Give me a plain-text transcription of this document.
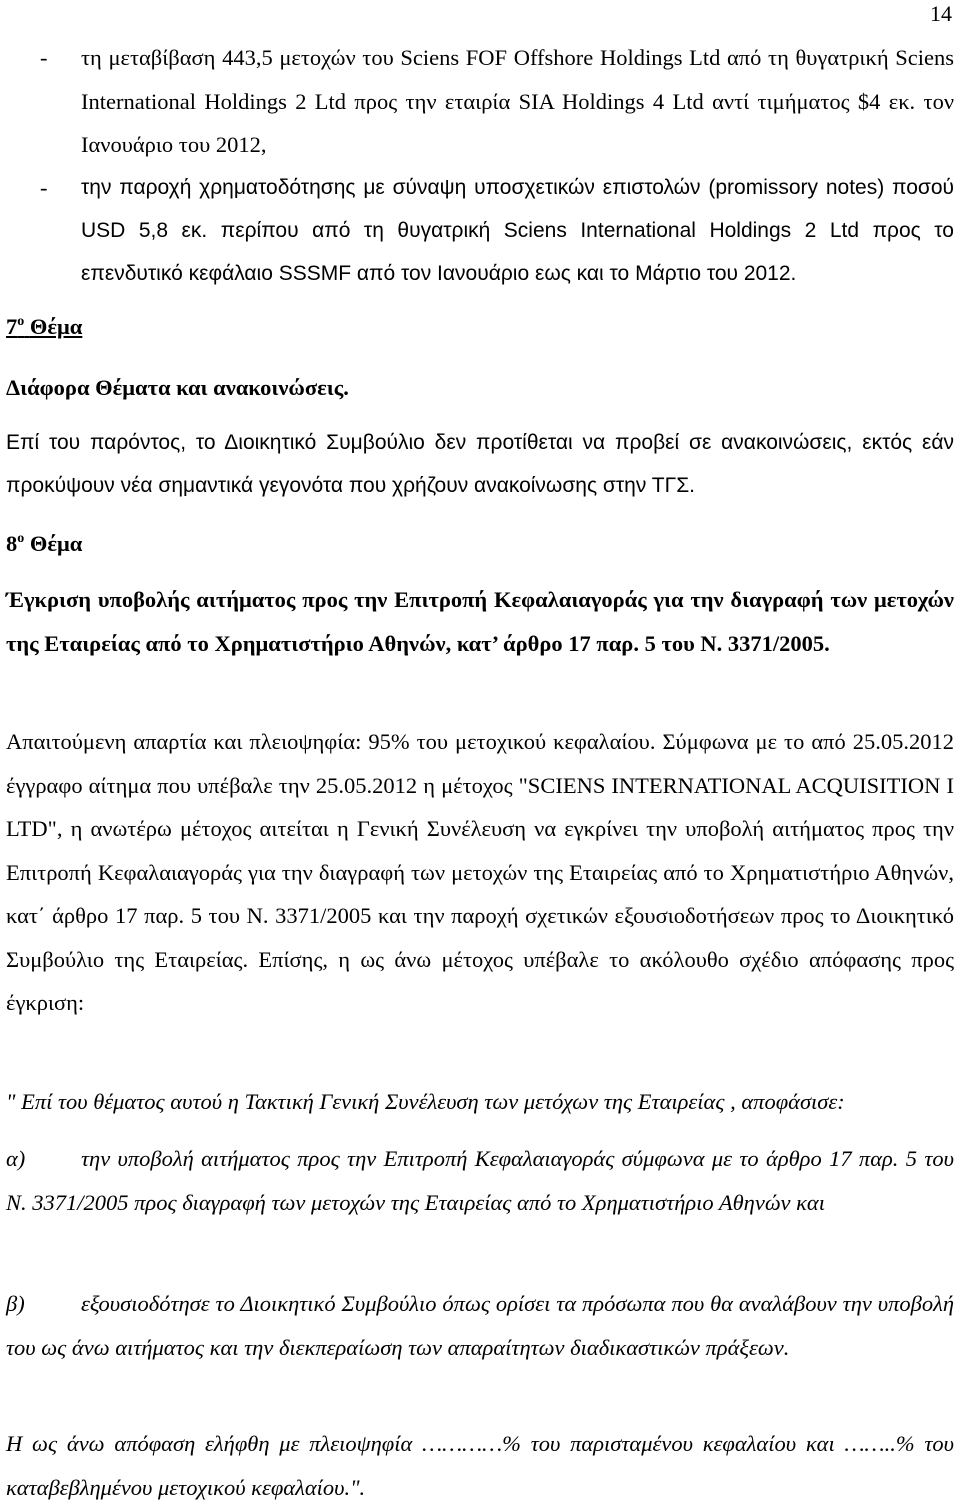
14
- τη μεταβίβαση 443,5 μετοχών του Sciens FOF Offshore Holdings Ltd από τη θυγατρική Sciens International Holdings 2 Ltd προς την εταιρία SIA Holdings 4 Ltd αντί τιμήματος $4 εκ. τον Ιανουάριο του 2012,
- την παροχή χρηματοδότησης με σύναψη υποσχετικών επιστολών (promissory notes) ποσού USD 5,8 εκ. περίπου από τη θυγατρική Sciens International Holdings 2 Ltd προς το επενδυτικό κεφάλαιο SSSMF από τον Ιανουάριο εως και το Μάρτιο του 2012.
$7^o$ Θέμα
Διάφορα Θέματα και ανακοινώσεις.
Επί του παρόντος, το Διοικητικό Συμβούλιο δεν προτίθεται να προβεί σε ανακοινώσεις, εκτός εάν προκύψουν νέα σημαντικά γεγονότα που χρήζουν ανακοίνωσης στην ΤΓΣ.
$8^o$ Θέμα
Έγκριση υποβολής αιτήματος προς την Επιτροπή Κεφαλαιαγοράς για την διαγραφή των μετοχών της Εταιρείας από το Χρηματιστήριο Αθηνών, κατ’ άρθρο 17 παρ. 5 του Ν. 3371/2005.
Απαιτούμενη απαρτία και πλειοψηφία: 95% του μετοχικού κεφαλαίου. Σύμφωνα με το από 25.05.2012 έγγραφο αίτημα που υπέβαλε την 25.05.2012 η μέτοχος "SCIENS INTERNATIONAL ACQUISITION I LTD", η ανωτέρω μέτοχος αιτείται η Γενική Συνέλευση να εγκρίνει την υποβολή αιτήματος προς την Επιτροπή Κεφαλαιαγοράς για την διαγραφή των μετοχών της Εταιρείας από το Χρηματιστήριο Αθηνών, κατ΄ άρθρο 17 παρ. 5 του Ν. 3371/2005 και την παροχή σχετικών εξουσιοδοτήσεων προς το Διοικητικό Συμβούλιο της Εταιρείας. Επίσης, η ως άνω μέτοχος υπέβαλε το ακόλουθο σχέδιο απόφασης προς έγκριση:
" Επί του θέματος αυτού η Τακτική Γενική Συνέλευση των μετόχων της Εταιρείας , αποφάσισε:
α) την υποβολή αιτήματος προς την Επιτροπή Κεφαλαιαγοράς σύμφωνα με το άρθρο 17 παρ. 5 του Ν. 3371/2005 προς διαγραφή των μετοχών της Εταιρείας από το Χρηματιστήριο Αθηνών και
β)	εξουσιοδότησε το Διοικητικό Συμβούλιο όπως ορίσει τα πρόσωπα που θα αναλάβουν την υποβολή του ως άνω αιτήματος και την διεκπεραίωση των απαραίτητων διαδικαστικών πράξεων.
Η ως άνω απόφαση ελήφθη με πλειοψηφία …………% του παρισταμένου κεφαλαίου και ……..% του καταβεβλημένου μετοχικού κεφαλαίου.".
